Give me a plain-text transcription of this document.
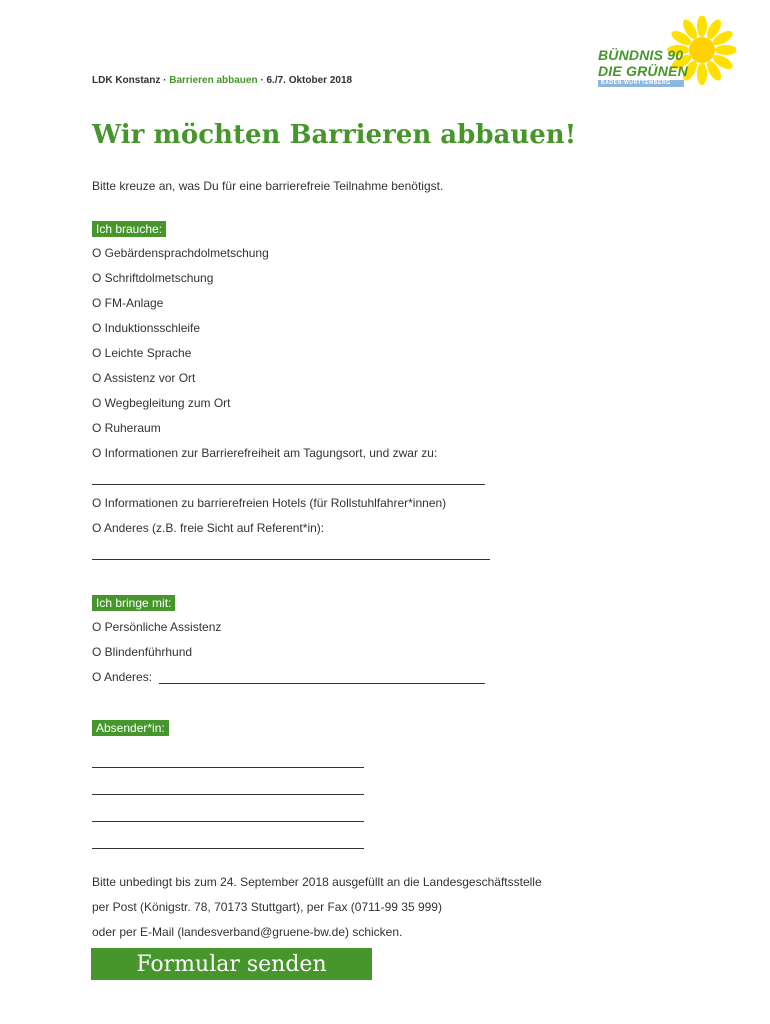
LDK Konstanz · Barrieren abbauen · 6./7. Oktober 2018
BÜNDNIS 90
DIE GRÜNEN
BADEN-WÜRTTEMBERG
Wir möchten Barrieren abbauen!
Bitte kreuze an, was Du für eine barrierefreie Teilnahme benötigst.
Ich brauche:
O Gebärdensprachdolmetschung
O Schriftdolmetschung
O FM-Anlage
O Induktionsschleife
O Leichte Sprache
O Assistenz vor Ort
O Wegbegleitung zum Ort
O Ruheraum
O Informationen zur Barrierefreiheit am Tagungsort, und zwar zu:
O Informationen zu barrierefreien Hotels (für Rollstuhlfahrer*innen)
O Anderes (z.B. freie Sicht auf Referent*in):
Ich bringe mit:
O Persönliche Assistenz
O Blindenführhund
O Anderes:
Absender*in:
Bitte unbedingt bis zum 24. September 2018 ausgefüllt an die Landesgeschäftsstelle
per Post (Königstr. 78, 70173 Stuttgart), per Fax (0711-99 35 999)
oder per E-Mail (landesverband@gruene-bw.de) schicken.
Formular senden
